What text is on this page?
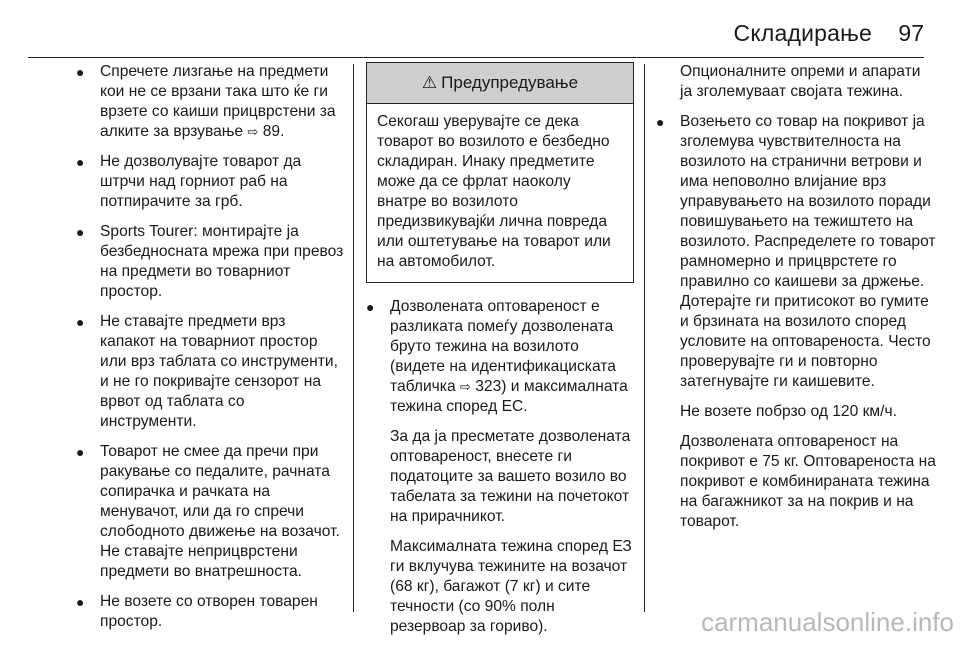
Складирање 97
● Спречете лизгање на предмети кои не се врзани така што ќе ги врзете со каиши прицврстени за алките за врзување ⇨ 89.
● Не дозволувајте товарот да штрчи над горниот раб на потпирачите за грб.
● Sports Tourer: монтирајте ја безбедносната мрежа при превоз на предмети во товарниот простор.
● Не ставајте предмети врз капакот на товарниот простор или врз таблата со инструменти, и не го покривајте сензорот на врвот од таблата со инструменти.
● Товарот не смее да пречи при ракување со педалите, рачната сопирачка и рачката на менувачот, или да го спречи слободното движење на возачот. Не ставајте неприцврстени предмети во внатрешноста.
● Не возете со отворен товарен простор.
⚠ Предупредување
Секогаш уверувајте се дека товарот во возилото е безбедно складиран. Инаку предметите може да се фрлат наоколу внатре во возилото предизвикувајќи лична повреда или оштетување на товарот или на автомобилот.
● Дозволената оптовареност е разликата помеѓу дозволената бруто тежина на возилото (видете на идентификациската табличка ⇨ 323) и максималната тежина според ЕС.
За да ја пресметате дозволената оптовареност, внесете ги податоците за вашето возило во табелата за тежини на почетокот на прирачникот.
Максималната тежина според ЕЗ ги вклучува тежините на возачот (68 кг), багажот (7 кг) и сите течности (со 90% полн резервоар за гориво).
Опционалните опреми и апарати ја зголемуваат својата тежина.
● Возењето со товар на покривот ја зголемува чувствителноста на возилото на странични ветрови и има неповолно влијание врз управувањето на возилото поради повишувањето на тежиштето на возилото. Распределете го товарот рамномерно и прицврстете го правилно со каишеви за држење. Дотерајте ги притисокот во гумите и брзината на возилото според условите на оптовареноста. Често проверувајте ги и повторно затегнувајте ги каишевите.
Не возете побрзо од 120 км/ч.
Дозволената оптовареност на покривот е 75 кг. Оптовареноста на покривот е комбинираната тежина на багажникот за на покрив и на товарот.
carmanualsonline.info
